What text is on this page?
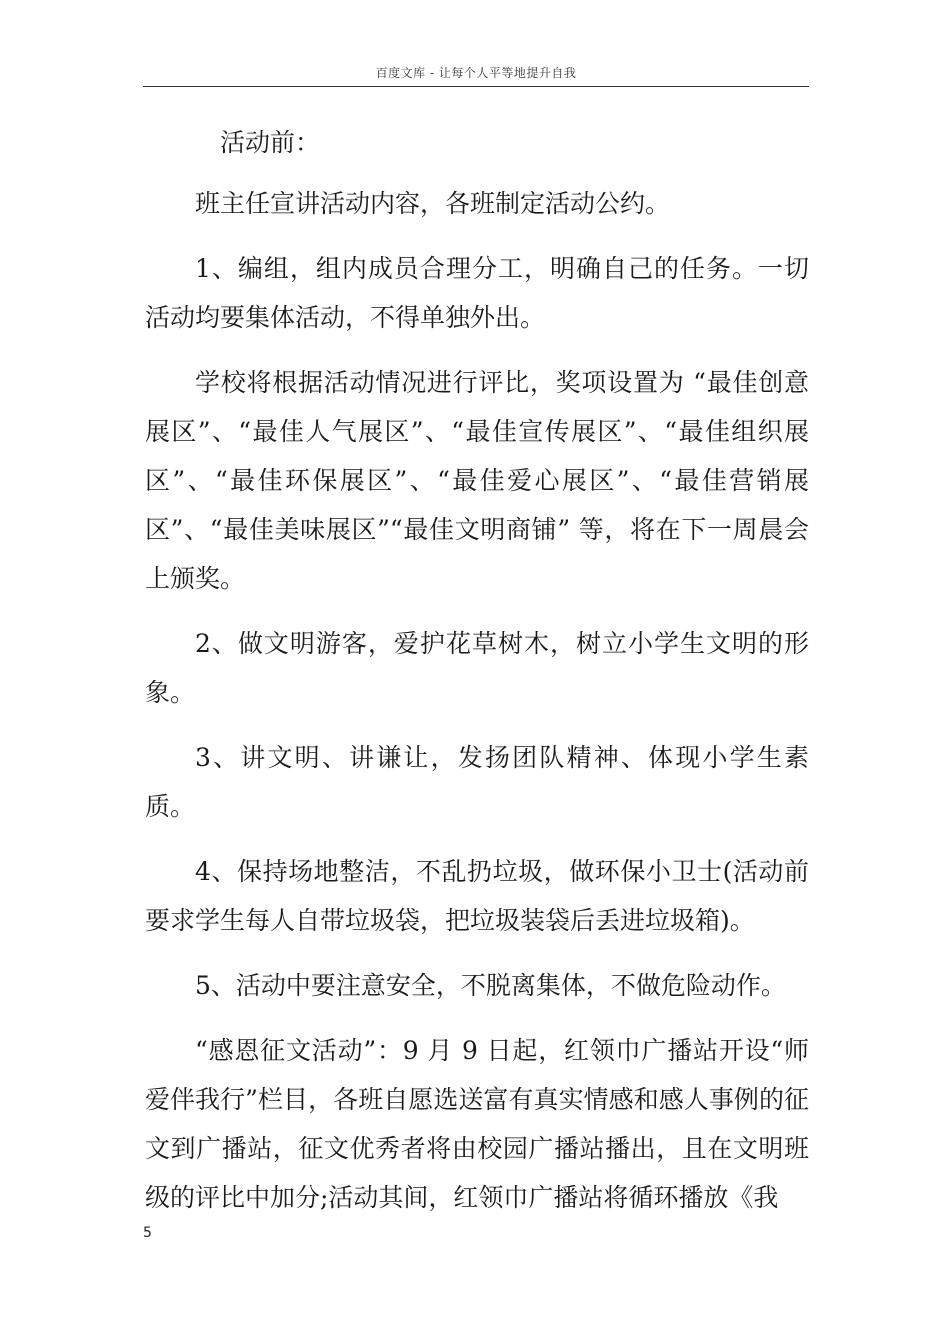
百度文库 - 让每个人平等地提升自我

活动前：

班主任宣讲活动内容，各班制定活动公约。

1、编组，组内成员合理分工，明确自己的任务。一切活动均要集体活动，不得单独外出。

学校将根据活动情况进行评比，奖项设置为 “最佳创意展区”、“最佳人气展区”、“最佳宣传展区”、“最佳组织展区”、“最佳环保展区”、“最佳爱心展区”、“最佳营销展区”、“最佳美味展区”“最佳文明商铺” 等，将在下一周晨会上颁奖。

2、做文明游客，爱护花草树木，树立小学生文明的形象。

3、讲文明、讲谦让，发扬团队精神、体现小学生素质。

4、保持场地整洁，不乱扔垃圾，做环保小卫士(活动前要求学生每人自带垃圾袋，把垃圾装袋后丢进垃圾箱)。

5、活动中要注意安全，不脱离集体，不做危险动作。

“感恩征文活动”：9 月 9 日起，红领巾广播站开设“师爱伴我行”栏目，各班自愿选送富有真实情感和感人事例的征文到广播站，征文优秀者将由校园广播站播出，且在文明班级的评比中加分;活动其间，红领巾广播站将循环播放《我

5
